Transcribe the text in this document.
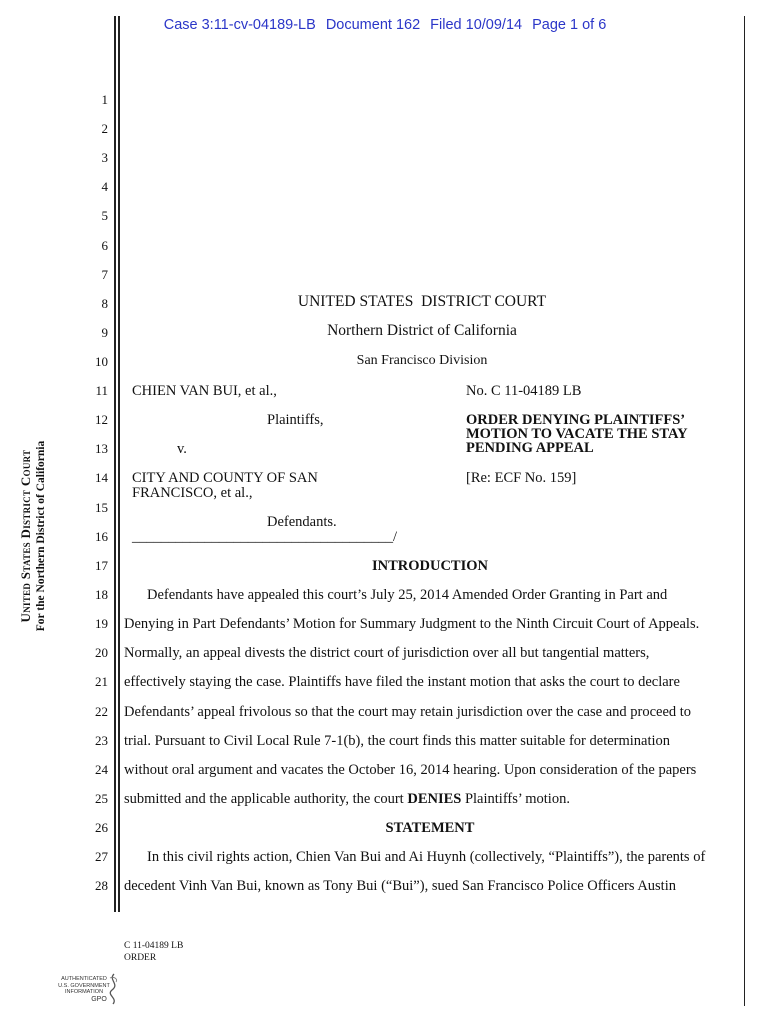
Case 3:11-cv-04189-LB Document 162 Filed 10/09/14 Page 1 of 6
United States District Court For the Northern District of California
1
2
3
4
5
6
7
8
9
10
11
12
13
14
15
16
17
18
19
20
21
22
23
24
25
26
27
28
UNITED STATES  DISTRICT COURT
Northern District of California
San Francisco Division
CHIEN VAN BUI, et al.,
Plaintiffs,
v.
CITY AND COUNTY OF SAN
FRANCISCO, et al.,
Defendants.
____________________________________/
No. C 11-04189 LB
ORDER DENYING PLAINTIFFS’
MOTION TO VACATE THE STAY
PENDING APPEAL
[Re: ECF No. 159]
INTRODUCTION
Defendants have appealed this court’s July 25, 2014 Amended Order Granting in Part and
Denying in Part Defendants’ Motion for Summary Judgment to the Ninth Circuit Court of Appeals.
Normally, an appeal divests the district court of jurisdiction over all but tangential matters,
effectively staying the case. Plaintiffs have filed the instant motion that asks the court to declare
Defendants’ appeal frivolous so that the court may retain jurisdiction over the case and proceed to
trial. Pursuant to Civil Local Rule 7-1(b), the court finds this matter suitable for determination
without oral argument and vacates the October 16, 2014 hearing. Upon consideration of the papers
submitted and the applicable authority, the court DENIES Plaintiffs’ motion.
STATEMENT
In this civil rights action, Chien Van Bui and Ai Huynh (collectively, “Plaintiffs”), the parents of
decedent Vinh Van Bui, known as Tony Bui (“Bui”), sued San Francisco Police Officers Austin
C 11-04189 LB
ORDER
AUTHENTICATED
U.S. GOVERNMENT
INFORMATION
GPO
